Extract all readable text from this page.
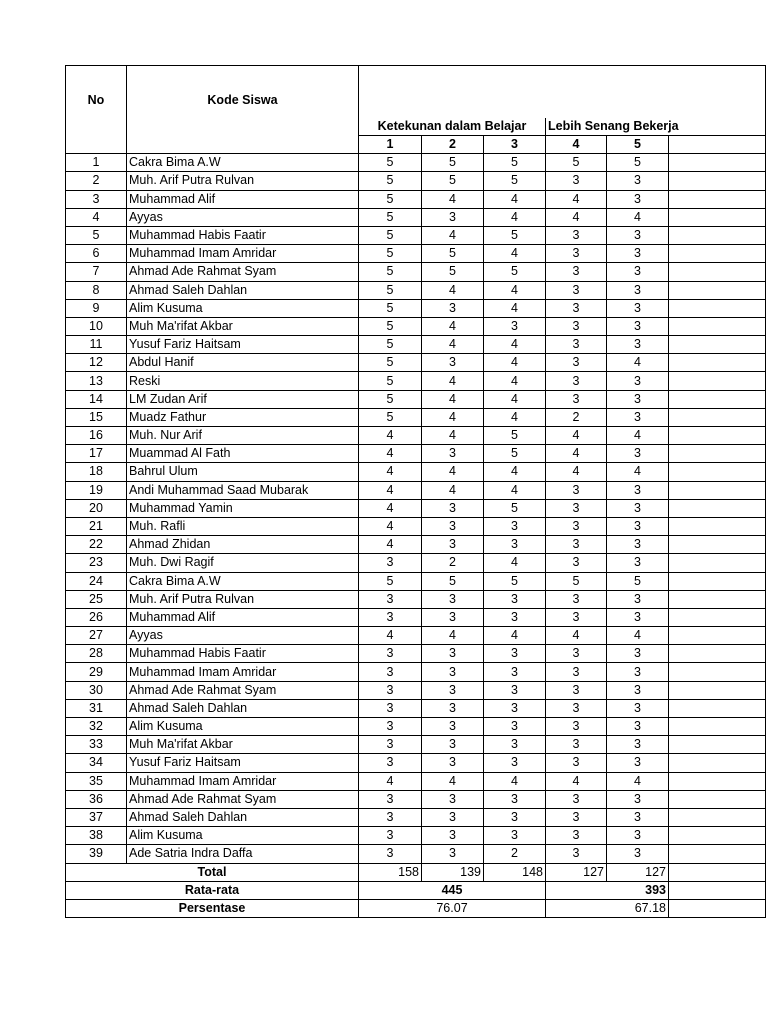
No	Kode Siswa						
		Ketekunan dalam Belajar			Lebih Senang Bekerja		
		1	2	3	4	5	
1	Cakra Bima A.W	5	5	5	5	5	
2	Muh. Arif Putra Rulvan	5	5	5	3	3	
3	Muhammad Alif	5	4	4	4	3	
4	Ayyas	5	3	4	4	4	
5	Muhammad Habis Faatir	5	4	5	3	3	
6	Muhammad Imam Amridar	5	5	4	3	3	
7	Ahmad Ade Rahmat Syam	5	5	5	3	3	
8	Ahmad Saleh Dahlan	5	4	4	3	3	
9	Alim Kusuma	5	3	4	3	3	
10	Muh Ma'rifat Akbar	5	4	3	3	3	
11	Yusuf Fariz Haitsam	5	4	4	3	3	
12	Abdul Hanif	5	3	4	3	4	
13	Reski	5	4	4	3	3	
14	LM Zudan Arif	5	4	4	3	3	
15	Muadz Fathur	5	4	4	2	3	
16	Muh. Nur Arif	4	4	5	4	4	
17	Muammad Al Fath	4	3	5	4	3	
18	Bahrul Ulum	4	4	4	4	4	
19	Andi Muhammad Saad Mubarak	4	4	4	3	3	
20	Muhammad Yamin	4	3	5	3	3	
21	Muh. Rafli	4	3	3	3	3	
22	Ahmad Zhidan	4	3	3	3	3	
23	Muh. Dwi Ragif	3	2	4	3	3	
24	Cakra Bima A.W	5	5	5	5	5	
25	Muh. Arif Putra Rulvan	3	3	3	3	3	
26	Muhammad Alif	3	3	3	3	3	
27	Ayyas	4	4	4	4	4	
28	Muhammad Habis Faatir	3	3	3	3	3	
29	Muhammad Imam Amridar	3	3	3	3	3	
30	Ahmad Ade Rahmat Syam	3	3	3	3	3	
31	Ahmad Saleh Dahlan	3	3	3	3	3	
32	Alim Kusuma	3	3	3	3	3	
33	Muh Ma'rifat Akbar	3	3	3	3	3	
34	Yusuf Fariz Haitsam	3	3	3	3	3	
35	Muhammad Imam Amridar	4	4	4	4	4	
36	Ahmad Ade Rahmat Syam	3	3	3	3	3	
37	Ahmad Saleh Dahlan	3	3	3	3	3	
38	Alim Kusuma	3	3	3	3	3	
39	Ade Satria Indra Daffa	3	3	2	3	3	
Total		158	139	148	127	127	
Rata-rata		445			393		
Persentase		76.07			67.18		
